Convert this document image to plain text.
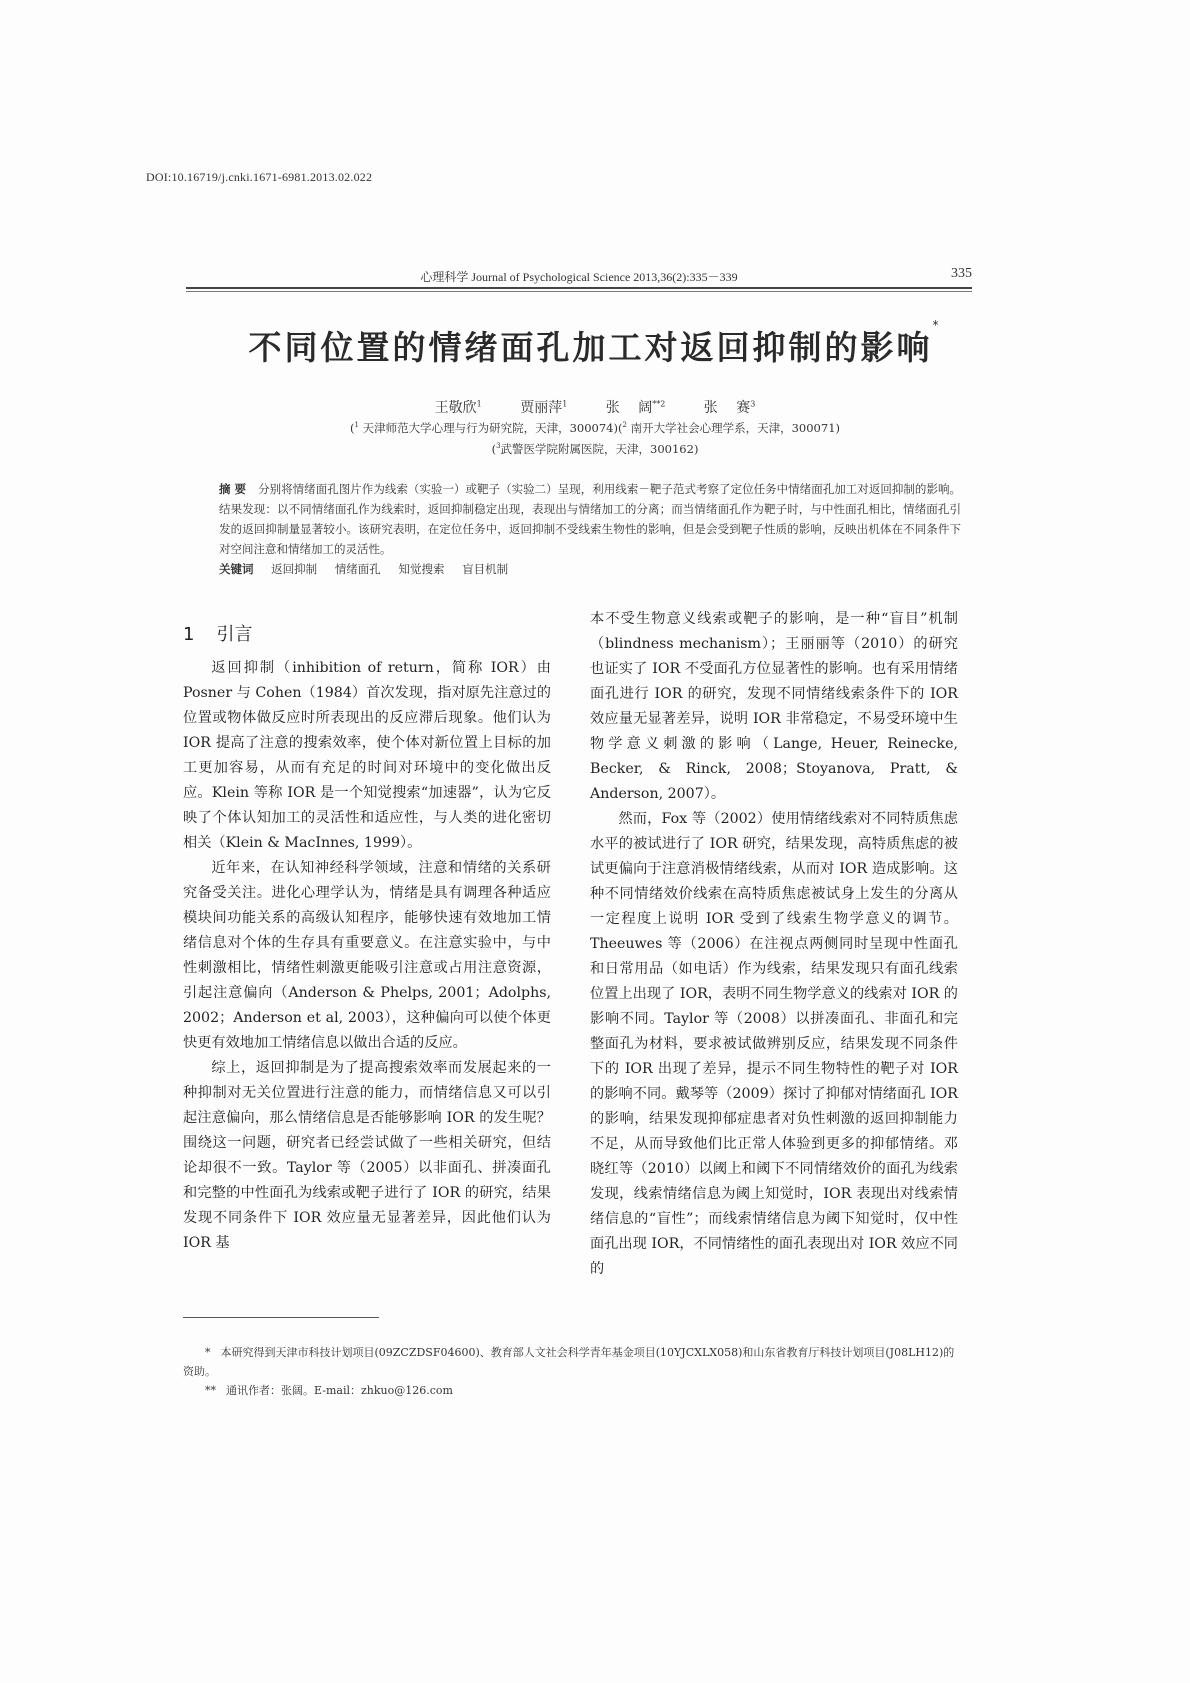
DOI:10.16719/j.cnki.1671-6981.2013.02.022
心理科学 Journal of Psychological Science 2013,36(2):335－339	335
不同位置的情绪面孔加工对返回抑制的影响*
王敬欣$^1$	贾丽萍$^1$	张 阔$^{**2}$	张 赛$^3$
($^1$ 天津师范大学心理与行为研究院，天津，300074)($^2$ 南开大学社会心理学系，天津，300071)
($^3$武警医学院附属医院，天津，300162)
摘 要 分别将情绪面孔图片作为线索（实验一）或靶子（实验二）呈现，利用线索－靶子范式考察了定位任务中情绪面孔加工对返回抑制的影响。结果发现：以不同情绪面孔作为线索时，返回抑制稳定出现，表现出与情绪加工的分离；而当情绪面孔作为靶子时，与中性面孔相比，情绪面孔引发的返回抑制量显著较小。该研究表明，在定位任务中，返回抑制不受线索生物性的影响，但是会受到靶子性质的影响，反映出机体在不同条件下对空间注意和情绪加工的灵活性。
关键词 返回抑制 情绪面孔 知觉搜索 盲目机制
1 引言

返回抑制（inhibition of return，简称 IOR）由 Posner 与 Cohen（1984）首次发现，指对原先注意过的位置或物体做反应时所表现出的反应滞后现象。他们认为 IOR 提高了注意的搜索效率，使个体对新位置上目标的加工更加容易，从而有充足的时间对环境中的变化做出反应。Klein 等称 IOR 是一个知觉搜索“加速器”，认为它反映了个体认知加工的灵活性和适应性，与人类的进化密切相关（Klein & MacInnes, 1999）。

近年来，在认知神经科学领域，注意和情绪的关系研究备受关注。进化心理学认为，情绪是具有调理各种适应模块间功能关系的高级认知程序，能够快速有效地加工情绪信息对个体的生存具有重要意义。在注意实验中，与中性刺激相比，情绪性刺激更能吸引注意或占用注意资源，引起注意偏向（Anderson & Phelps, 2001；Adolphs, 2002；Anderson et al, 2003），这种偏向可以使个体更快更有效地加工情绪信息以做出合适的反应。

综上，返回抑制是为了提高搜索效率而发展起来的一种抑制对无关位置进行注意的能力，而情绪信息又可以引起注意偏向，那么情绪信息是否能够影响 IOR 的发生呢？围绕这一问题，研究者已经尝试做了一些相关研究，但结论却很不一致。Taylor 等（2005）以非面孔、拼凑面孔和完整的中性面孔为线索或靶子进行了 IOR 的研究，结果发现不同条件下 IOR 效应量无显著差异，因此他们认为 IOR 基

本不受生物意义线索或靶子的影响，是一种“盲目”机制（blindness mechanism）；王丽丽等（2010）的研究也证实了 IOR 不受面孔方位显著性的影响。也有采用情绪面孔进行 IOR 的研究，发现不同情绪线索条件下的 IOR 效应量无显著差异，说明 IOR 非常稳定，不易受环境中生物学意义刺激的影响（Lange, Heuer, Reinecke, Becker, & Rinck, 2008；Stoyanova, Pratt, & Anderson, 2007）。

然而，Fox 等（2002）使用情绪线索对不同特质焦虑水平的被试进行了 IOR 研究，结果发现，高特质焦虑的被试更偏向于注意消极情绪线索，从而对 IOR 造成影响。这种不同情绪效价线索在高特质焦虑被试身上发生的分离从一定程度上说明 IOR 受到了线索生物学意义的调节。Theeuwes 等（2006）在注视点两侧同时呈现中性面孔和日常用品（如电话）作为线索，结果发现只有面孔线索位置上出现了 IOR，表明不同生物学意义的线索对 IOR 的影响不同。Taylor 等（2008）以拼凑面孔、非面孔和完整面孔为材料，要求被试做辨别反应，结果发现不同条件下的 IOR 出现了差异，提示不同生物特性的靶子对 IOR 的影响不同。戴琴等（2009）探讨了抑郁对情绪面孔 IOR 的影响，结果发现抑郁症患者对负性刺激的返回抑制能力不足，从而导致他们比正常人体验到更多的抑郁情绪。邓晓红等（2010）以阈上和阈下不同情绪效价的面孔为线索发现，线索情绪信息为阈上知觉时，IOR 表现出对线索情绪信息的“盲性”；而线索情绪信息为阈下知觉时，仅中性面孔出现 IOR，不同情绪性的面孔表现出对 IOR 效应不同的

* 本研究得到天津市科技计划项目(09ZCZDSF04600)、教育部人文社会科学青年基金项目(10YJCXLX058)和山东省教育厅科技计划项目(J08LH12)的资助。

** 通讯作者：张阔。E-mail：zhkuo@126.com
